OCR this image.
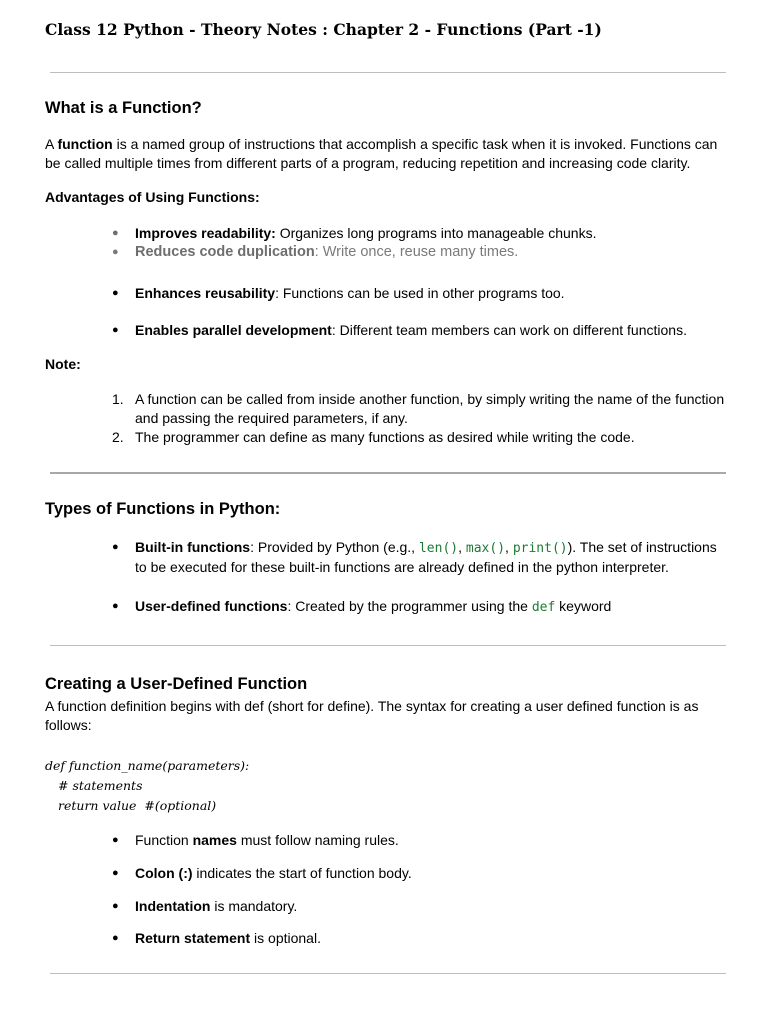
Class 12 Python - Theory Notes : Chapter 2 - Functions (Part -1)
What is a Function?
A function is a named group of instructions that accomplish a specific task when it is invoked. Functions can be called multiple times from different parts of a program, reducing repetition and increasing code clarity.
Advantages of Using Functions:
●	Improves readability: Organizes long programs into manageable chunks.
●	Reduces code duplication: Write once, reuse many times.
●	Enhances reusability: Functions can be used in other programs too.
●	Enables parallel development: Different team members can work on different functions.
Note:
1. A function can be called from inside another function, by simply writing the name of the function and passing the required parameters, if any.
2. The programmer can define as many functions as desired while writing the code.
Types of Functions in Python:
●	Built-in functions: Provided by Python (e.g., len(), max(), print()). The set of instructions to be executed for these built-in functions are already defined in the python interpreter.
●	User-defined functions: Created by the programmer using the def keyword
Creating a User-Defined Function
A function definition begins with def (short for define). The syntax for creating a user defined function is as follows:
def function_name(parameters):
# statements
return value  #(optional)
●	Function names must follow naming rules.
●	Colon (:) indicates the start of function body.
●	Indentation is mandatory.
●	Return statement is optional.
